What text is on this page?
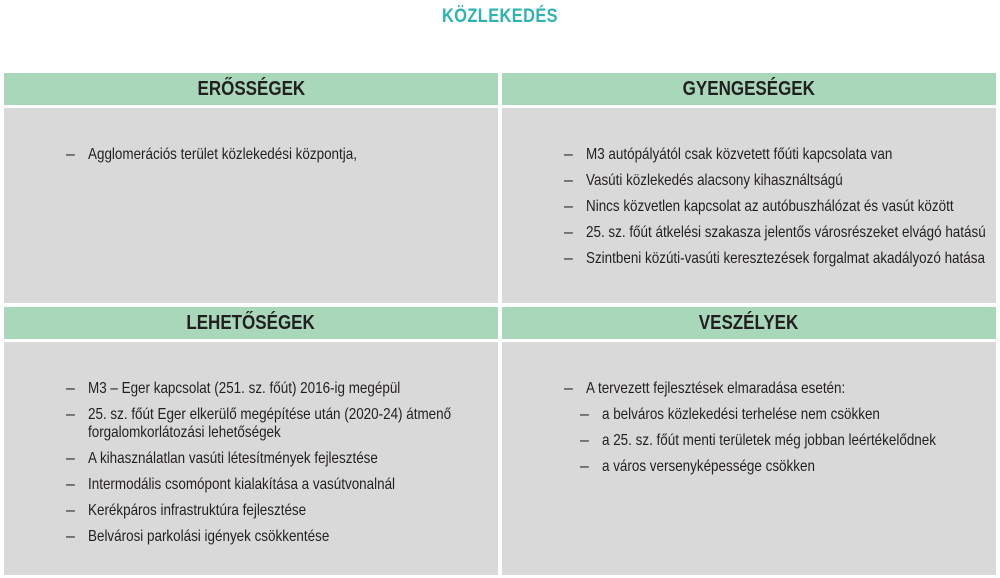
KÖZLEKEDÉS
ERŐSSÉGEK
– Agglomerációs terület közlekedési központja,
GYENGESÉGEK
– M3 autópályától csak közvetett főúti kapcsolata van
– Vasúti közlekedés alacsony kihasználtságú
– Nincs közvetlen kapcsolat az autóbuszhálózat és vasút között
– 25. sz. főút átkelési szakasza jelentős városrészeket elvágó hatású
– Szintbeni közúti-vasúti keresztezések forgalmat akadályozó hatása
LEHETŐSÉGEK
– M3 – Eger kapcsolat (251. sz. főút) 2016-ig megépül
– 25. sz. főút Eger elkerülő megépítése után (2020-24) átmenő forgalomkorlátozási lehetőségek
– A kihasználatlan vasúti létesítmények fejlesztése
– Intermodális csomópont kialakítása a vasútvonalnál
– Kerékpáros infrastruktúra fejlesztése
– Belvárosi parkolási igények csökkentése
VESZÉLYEK
– A tervezett fejlesztések elmaradása esetén:
– a belváros közlekedési terhelése nem csökken
– a 25. sz. főút menti területek még jobban leértékelődnek
– a város versenyképessége csökken
